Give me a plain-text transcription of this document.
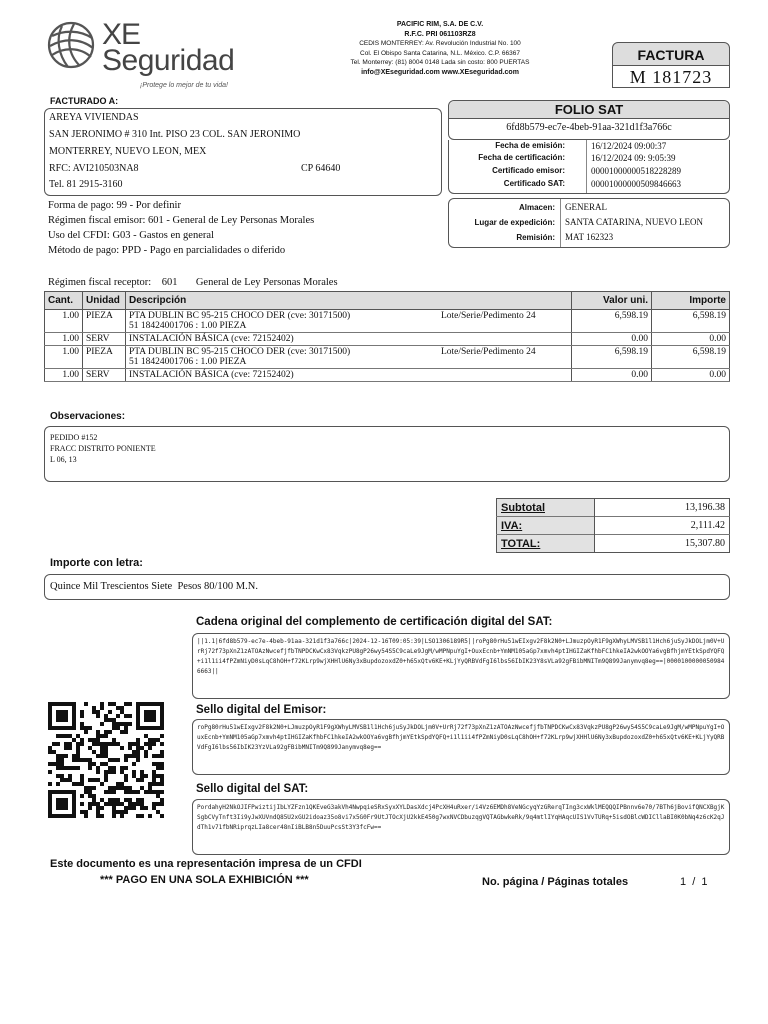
XE
Seguridad
¡Protege lo mejor de tu vida!
PACIFIC RIM, S.A. DE C.V.
R.F.C. PRI 061103RZ8
CEDIS MONTERREY: Av. Revolución Industrial No. 100
Col. El Obispo Santa Catarina, N.L. México. C.P. 66367
Tel. Monterrey: (81) 8004 0148 Lada sin costo: 800 PUERTAS
info@XEseguridad.com www.XEseguridad.com
FACTURA
M 181723
FACTURADO A:
AREYA VIVIENDAS
SAN JERONIMO # 310 Int. PISO 23 COL. SAN JERONIMO
MONTERREY, NUEVO LEON, MEX
RFC: AVI210503NA8	CP 64640
Tel. 81 2915-3160
FOLIO SAT
6fd8b579-ec7e-4beb-91aa-321d1f3a766c
Fecha de emisión:	16/12/2024 09:00:37
Fecha de certificación:	16/12/2024 09: 9:05:39
Certificado emisor:	00001000000518228289
Certificado SAT:	00001000000509846663
Forma de pago: 99 - Por definir
Régimen fiscal emisor: 601 - General de Ley Personas Morales
Uso del CFDI: G03 - Gastos en general
Método de pago: PPD - Pago en parcialidades o diferido
Almacen: GENERAL
Lugar de expedición: SANTA CATARINA, NUEVO LEON
Remisión: MAT 162323
Régimen fiscal receptor:    601       General de Ley Personas Morales
Cant.	Unidad	Descripción		Valor uni.	Importe
1.00	PIEZA	PTA DUBLIN BC 95-215 CHOCO DER (cve: 30171500) Lote/Serie/Pedimento 24
51 18424001706 : 1.00 PIEZA		6,598.19	6,598.19
1.00	SERV	INSTALACIÓN BÁSICA (cve: 72152402)		0.00	0.00
1.00	PIEZA	PTA DUBLIN BC 95-215 CHOCO DER (cve: 30171500) Lote/Serie/Pedimento 24
51 18424001706 : 1.00 PIEZA		6,598.19	6,598.19
1.00	SERV	INSTALACIÓN BÁSICA (cve: 72152402)		0.00	0.00
Observaciones:
PEDIDO #152
FRACC DISTRITO PONIENTE
L 06, 13
Subtotal	13,196.38
IVA:	2,111.42
TOTAL:	15,307.80
Importe con letra:
Quince Mil Trescientos Siete  Pesos 80/100 M.N.
Cadena original del complemento de certificación digital del SAT:
||1.1|6fd8b579-ec7e-4beb-91aa-321d1f3a766c|2024-12-16T09:05:39|LSO1306189R5||roPg80rHu51wEIxgv2F8k2N0+LJmuzpOyR1F9gXWhyLMVSB1l1Hch6juSyJkDOLjm0V+UrRj72f73pXnZ1zATOAzNwcefjfbTNPDCKwCx83VqkzPU8gP26wy54S5C9caLe9JgM/wMPNpuYgI+OuxEcnb+YmNM105aGp7xmvh4ptIHGIZaKfhbFC1hkeIA2wkOOYa6vgBfhjmYEtkSpdYQFQ+i1l1ii4fPZmNiyD0sLqC8hOH+f72KLrp9wjXHHlU6Ny3xBupdozoxdZ0+h65xQtv6KE+KLjYyQRBVdFgI6lbs56IbIK23Y8sVLa92gFBibMNITm9Q899Janymvq8eg==|00001000000509846663||
Sello digital del Emisor:
roPg80rHu51wEIxgv2F8k2N0+LJmuzpOyR1F9gXWhyLMVSB1l1Hch6juSyJkDOLjm0V+UrRj72f73pXnZ1zATOAzNwcefjfbTNPDCKwCx83VqkzPU8gP26wy54S5C9caLe9JgM/wMPNpuYgI+OuxEcnb+YmNM105aGp7xmvh4ptIHGIZaKfhbFC1hkeIA2wkOOYa6vgBfhjmYEtkSpdYQFQ+i1l1ii4fPZmNiyD0sLqC8hOH+f72KLrp9wjXHHlU6Ny3xBupdozoxdZ0+h65xQtv6KE+KLjYyQRBVdFgI6lbs56IbIK23YzVLa92gFBibMNITm9Q899Janymvq8eg==
Sello digital del SAT:
PordahyH2NkOJIFPwiztijIbLYZFzn1QKEveG3akVh4NwpqieSRxSyxXYLDasXdcj4PcXH4uRxer/i4Vz6EMDh8VeNGcyqYzGRerqTIng3cxWklMEQQQIPBnnv6e70/7BTh6jBovifQNCXBgjKSgbCVyTnft3Ii9yJwXUVndQ85U2xGU2idoaz35o8vi7x5G0Fr9UtJTOcXjU2kkE450g7wxNVCDbuzqgVQTAGbwkeRk/9q4mtlIYqHAqcUIS1VvTURq+5isdOBlcWDICllaBI0K0bNq4z6cK2qJdTh1v71fbNRiprqzLIa8cer48nIiBLB8n5DuuPcsSt3Y3fcFw==
Este documento es una representación impresa de un CFDI
*** PAGO EN UNA SOLA EXHIBICIÓN ***	No. página / Páginas totales	1  /  1
